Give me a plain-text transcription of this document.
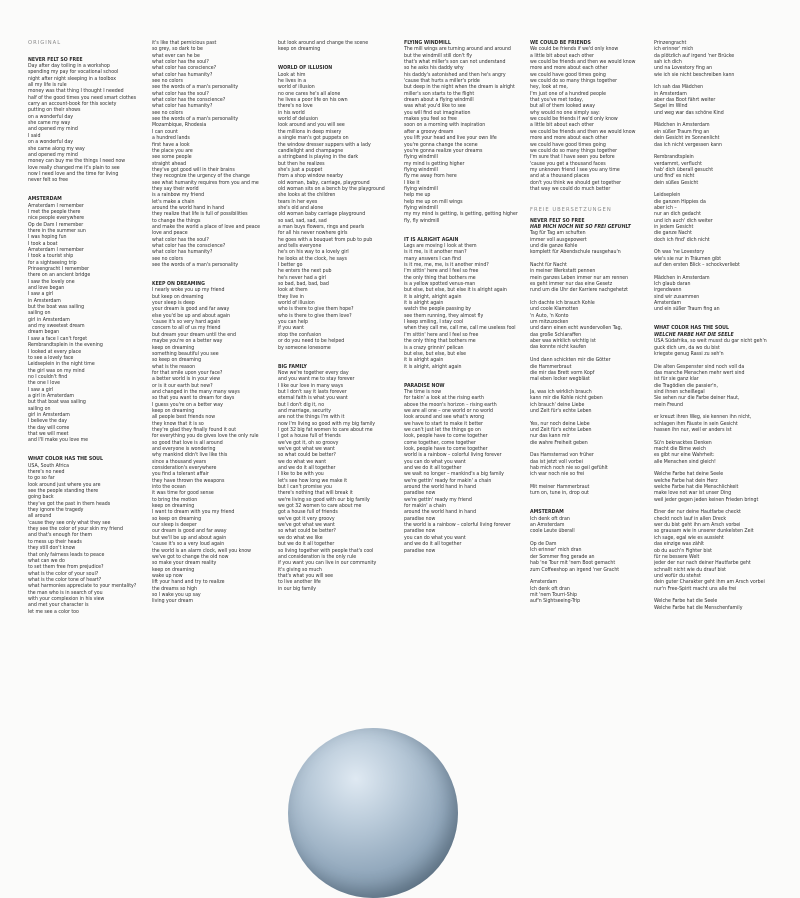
ORIGINAL

NEVER FELT SO FREE

Day after day toiling in a workshop

spending my pay for vocational school

night after night sleeping in a toolbox

all my life is rule

money was that thing I thought I needed

half of the good times you need smart clothes

carry an account-book for this society

putting on their shows

on a wonderful day

she came my way

and opened my mind

I said

on a wonderful day

she came along my way

and opened my mind

money can buy me the things I need now

love really changed me it's plain to see

now I need love and the time for living

never felt so free

AMSTERDAM

Amsterdam I remember

I met the people there

nice people everywhere

Op de Dam I remember

there in the summer sun

I was hoping fun

I took a boat

Amsterdam I remember

I took a tourist ship

for a sightseeing trip

Prinsengracht I remember

there on an ancient bridge

I saw the lovely one

and love began

I saw a girl

in Amsterdam

but the boat was sailing

sailing on

girl in Amsterdam

and my sweetest dream

dream began

I saw a face I can't forget

Rembrandtsplein in the evening

I looked at every place

to see a lovely face

Leidseplein in the night time

the girl was on my mind

no I couldn't find

the one I love

I saw a girl

a girl in Amsterdam

but that boat was sailing

sailing on

girl in Amsterdam

I believe the day

the day will come

that we will meet

and I'll make you love me

WHAT COLOR HAS THE SOUL

USA, South Africa

there's no need

to go so far

look around just where you are

see the people standing there

going back

they've got the past in them heads

they ignore the tragedy

all around

'cause they see only what they see

they see the color of your skin my friend

and that's enough for them

to mess up their heads

they still don't know

that only fairness leads to peace

what can we do

to set them free from prejudice?

what is the color of your soul?

what is the color tone of heart?

what harmonies appreciate to your mentality?

the man who is in search of you

with your complexion in his view

and met your character is

let me see a color too

it's like that pernicious past

so grey, so dark to be

what ever can he be

what color has the soul?

what color has conscience?

what color has humanity?

see no colors

see the words of a man's personality

what color has the soul?

what color has the conscience?

what color has humanity?

see no colors

see the words of a man's personality

Mozambique, Rhodesia

I can count

a hundred lands

first have a look

the place you are

see some people

straight ahead

they've got good will in their brains

they recognize the urgency of the change

see what humanity requires from you and me

they say their world

is a rainbow my friend

let's make a chain

around the world hand in hand

they realize that life is full of possibilities

to change the things

and make the world a place of love and peace

love and peace

what color has the soul?

what color has the conscience?

what color has humanity?

see no colors

see the words of a man's personality

KEEP ON DREAMING

I nearly woke you up my friend

but keep on dreaming

your sleep is deep

your dream is good and far away

else you'd be up and about again

'cause it's so very hard again

concern to all of us my friend

but dream your dream until the end

maybe you're on a better way

keep on dreaming

something beautiful you see

so keep on dreaming

what is the reason

for that smile upon your face?

a better world is in your view

or is it our earth but new?

and changed in the many many ways

so that you want to dream for days

I guess you're on a better way

keep on dreaming

all people best friends now

they know that it is so

they're glad they finally found it out

for everything you do gives love the only rule

so good that love is all around

and everyone is wondering

why mankind didn't live like this

since a thousand years

consideration's everywhere

you find a tolerant affair

they have thrown the weapons

into the ocean

it was time for good sense

to bring the motion

keep on dreaming

I want to dream with you my friend

so keep on dreaming

our sleep is deeper

our dream is good and far away

but we'll be up and about again

'cause it's so a very loud again

the world is an alarm clock, well you know

we've got to change the old now

so make your dream reality

keep on dreaming

wake up now

lift your hand and try to realize

the dreams so high

so I wake you up say

living your dream

but look around and change the scene

keep on dreaming

WORLD OF ILLUSION

Look at him

he lives in a

world of illusion

no one cares he's all alone

he lives a poor life on his own

there's no love

in his world

world of delusion

look around and you will see

the millions in deep misery

a single man's got puppets on

the window dresser suppers with a lady

candlelight and champagne

a stringband is playing in the dark

but then he realizes

she's just a puppet

from a shop window nearby

old woman, baby, carriage, playground

old woman sits on a bench by the playground

she looks at the children

tears in her eyes

she's old and alone

old woman baby carriage playground

so sad, sad, sad, sad

a man buys flowers, rings and pearls

for all his never nowhere girls

he goes with a bouquet from pub to pub

and tells everyone

he's on his way to a lovely girl

he looks at the clock, he says

I better go

he enters the next pub

he's never had a girl

so bad, bad, bad, bad

look at them

they live in

world of illusion

who is there to give them hope?

who is there to give them love?

you can help

if you want

stop the confusion

or do you need to be helped

by someone lonesome

BIG FAMILY

Now we're together every day

and you want me to stay forever

I like our love in many ways

but I don't say it lasts forever

eternal faith is what you want

but I don't dig it, no

and marriage, security

are not the things I'm with it

now I'm living so good with my big family

I got 32 big fat women to care about me

I got a house full of friends

we've got it, oh so groovy

we've got what we want

so what could be better?

we do what we want

and we do it all together

I like to be with you

let's see how long we make it

but I can't promise you

there's nothing that will break it

we're living so good with our big family

we got 32 women to care about me

got a house full of friends

we've got it very groovy

we've got what we want

so what could be better?

we do what we like

but we do it all together

so living together with people that's cool

and consideration is the only rule

if you want you can live in our community

it's giving so much

that's what you will see

to live another life

in our big family

FLYING WINDMILL

The mill wings are turning around and around

but the windmill still don't fly

that's what miller's son can not understand

so he asks his daddy why

his daddy's astonished and then he's angry

'cause that hurts a miller's pride

but deep in the night when the dream is alright

miller's son starts to the flight

dream about a flying windmill

was what you'd like to see

you will find out imagination

makes you feel so free

soon on a morning with inspiration

after a groovy dream

you lift your head and live your own life

you're gonna change the scene

you're gonna realize your dreams

flying windmill

my mind is getting higher

flying windmill

fly me away from here

I like it

flying windmill

help me up

help me up on mill wings

flying windmill

my my mind is getting, is getting, getting higher

fly, fly windmill

IT IS ALRIGHT AGAIN

Legs are moving I look at them

is it me, is it another man?

many answers I can find

is it me, me, me, is it another mind?

I'm sittin' here and I feel so free

the only thing that bothers me

is a yellow spotted venus-man

but else, but else, but else it is alright again

it is alright, alright again

it is alright again

watch the people passing by

see them running, they almost fly

I keep smiling, I stay cool

when they call me, call me, call me useless fool

I'm sittin' here and I feel so free

the only thing that bothers me

is a crazy grinnin' pelican

but else, but else, but else

it is alright again

it is alright, alright again

PARADISE NOW

The time is now

for takin' a look at the rising earth

above the moon's horizon – rising earth

we are all one – one world or no world

look around and see what's wrong

we have to start to make it better

we can't just let the things go on

look, people have to come together

come together, come together

look, people have to come together

world is a rainbow – colorful living forever

you can do what you want

and we do it all together

we wait no longer – mankind's a big family

we're gettin' ready for makin' a chain

around the world hand in hand

paradise now

we're gettin' ready my friend

for makin' a chain

around the world hand in hand

paradise now

the world is a rainbow – colorful living forever

paradise now

you can do what you want

and we do it all together

paradise now

WE COULD BE FRIENDS

We could be friends if we'd only know

a little bit about each other

we could be friends and then we would know

more and more about each other

we could have good times going

we could do so many things together

hey, look at me,

I'm just one of a hundred people

that you've met today,

but all of them looked away

why would no one simply say:

we could be friends if we'd only know

a little bit about each other

we could be friends and then we would know

more and more about each other

we could have good times going

we could do so many things together

I'm sure that I have seen you before

'cause you get a thousand faces

my unknown friend I see you any time

and at a thousand places

don't you think we should get together

that way we could do much better

FREIE ÜBERSETZUNGEN

NEVER FELT SO FREE

HAB MICH NOCH NIE SO FREI GEFÜHLT

Tag für Tag am schuften

immer voll ausgepowert

und die ganze Kohle

komplett für Abendschule rausgehau'n

Nacht für Nacht

in meiner Werkstatt pennen

mein ganzes Leben immer nur am rennen

es geht immer nur das eine Gesetz

rund um die Uhr der Karriere nachgehetzt

Ich dachte ich brauch Kohle

und coole Klamotten

'n Auto, 'n Konto

um mitzuzocken

und dann einen echt wundervollen Tag,

das große Schlaraffen

aber was wirklich wichtig ist

das konnte nicht kaufen

Und dann schickten mir die Götter

die Hammerbraut

die mir das Brett vorm Kopf

mal eben locker wegbläst

Ja, was ich wirklich brauch

kann mir die Kohle nicht geben

ich brauch' deine Liebe

und Zeit für's echte Leben

Yes, nur noch deine Liebe

und Zeit für's echte Leben

nur das kann mir

die wahre Freiheit geben

Das Hamsterrad von früher

das ist jetzt voll vorbei

hab mich noch nie so geil gefühlt

ich war noch nie so frei

Mit meiner Hammerbraut

turn on, tune in, drop out

AMSTERDAM

Ich denk oft dran

an Amsterdam

coole Leute überall

Op de Dam

Ich erinner' mich dran

der Sommer fing gerade an

hab 'ne Tour mit 'nem Boot gemacht

zum Coffeeshop an irgend 'ner Gracht

Amsterdam

Ich denk oft dran

mit 'nem Tourri-Ship

auf'n Sightseeing-Trip

Prinzengracht

ich erinner' mich

da plötzlich auf irgend 'ner Brücke

sah ich dich

und na Lovestory fing an

wie ich sie nicht beschreiben kann

Ich sah das Mädchen

in Amsterdam

aber das Boot fährt weiter

Segel im Wind

und weg war das schöne Kind

Mädchen in Amsterdam

ein süßer Traum fing an

dein Gesicht im Sonnenlicht

das ich nicht vergessen kann

Rembrandtsplein

verdammt, verflucht

hab' dich überall gesucht

und find' es nicht

dein süßes Gesicht

Leidseplein

die ganzen Hippies da

aber ich –

nur an dich gedacht

und ich auch' dich weiter

in jedem Gesicht

die ganze Nacht

doch ich find' dich nicht

Oh was 'ne Lovestory

wie's sie nur in Träumen gibt

auf den ersten Blick – schockverliebt

Mädchen in Amsterdam

Ich glaub daran

irgendwann

sind wir zusammen

Amsterdam

und ein süßer Traum fing an

WHAT COLOR HAS THE SOUL

WELCHE FARBE HAT DIE SEELE

USA Südafrika, so weit musst du gar nicht geh'n

guck dich um, da wo du bist

kriegste genug Rassi zu seh'n

Die alten Gespenster sind noch voll da

das manche Menschen mehr wert sind

ist für sie ganz klar

die Tragödien die passier'n,

sind ihnen scheißegal

Sie sehen nur die Farbe deiner Haut,

mein Freund

er kreuzt ihren Weg, sie kennen ihn nicht,

schlagen ihm Fäuste in sein Gesicht

hassen ihn nur, weil er anders ist

Sü'n beknacktes Denken

macht die Birne weich

es gibt nur eine Wahrheit:

alle Menschen sind gleich!

Welche Farbe hat deine Seele

welche Farbe hat dein Herz

welche Farbe hat die Menschlichkeit

make love not war ist unser Ding

weil jeder gegen jeden keinen Frieden bringt

Einer der nur deine Hautfarbe checkt

checkt noch lauf in allen Dreck

wer du bist geht ihn am Arsch vorbei

so grausam wie in unserer dunkelsten Zeit

ich sage, egal wie es aussieht

das einzige was zählt

ob du auch'n Fighter bist

für ne bessere Welt

jeder der nur nach deiner Hautfarbe geht

schnallt nicht wie du drauf bist

und wofür du stehst

dein guter Charakter geht ihm am Arsch vorbei

nur'n Free-Spirit macht uns alle frei

Welche Farbe hat die Seele

Welche Farbe hat die Menschenfamily
